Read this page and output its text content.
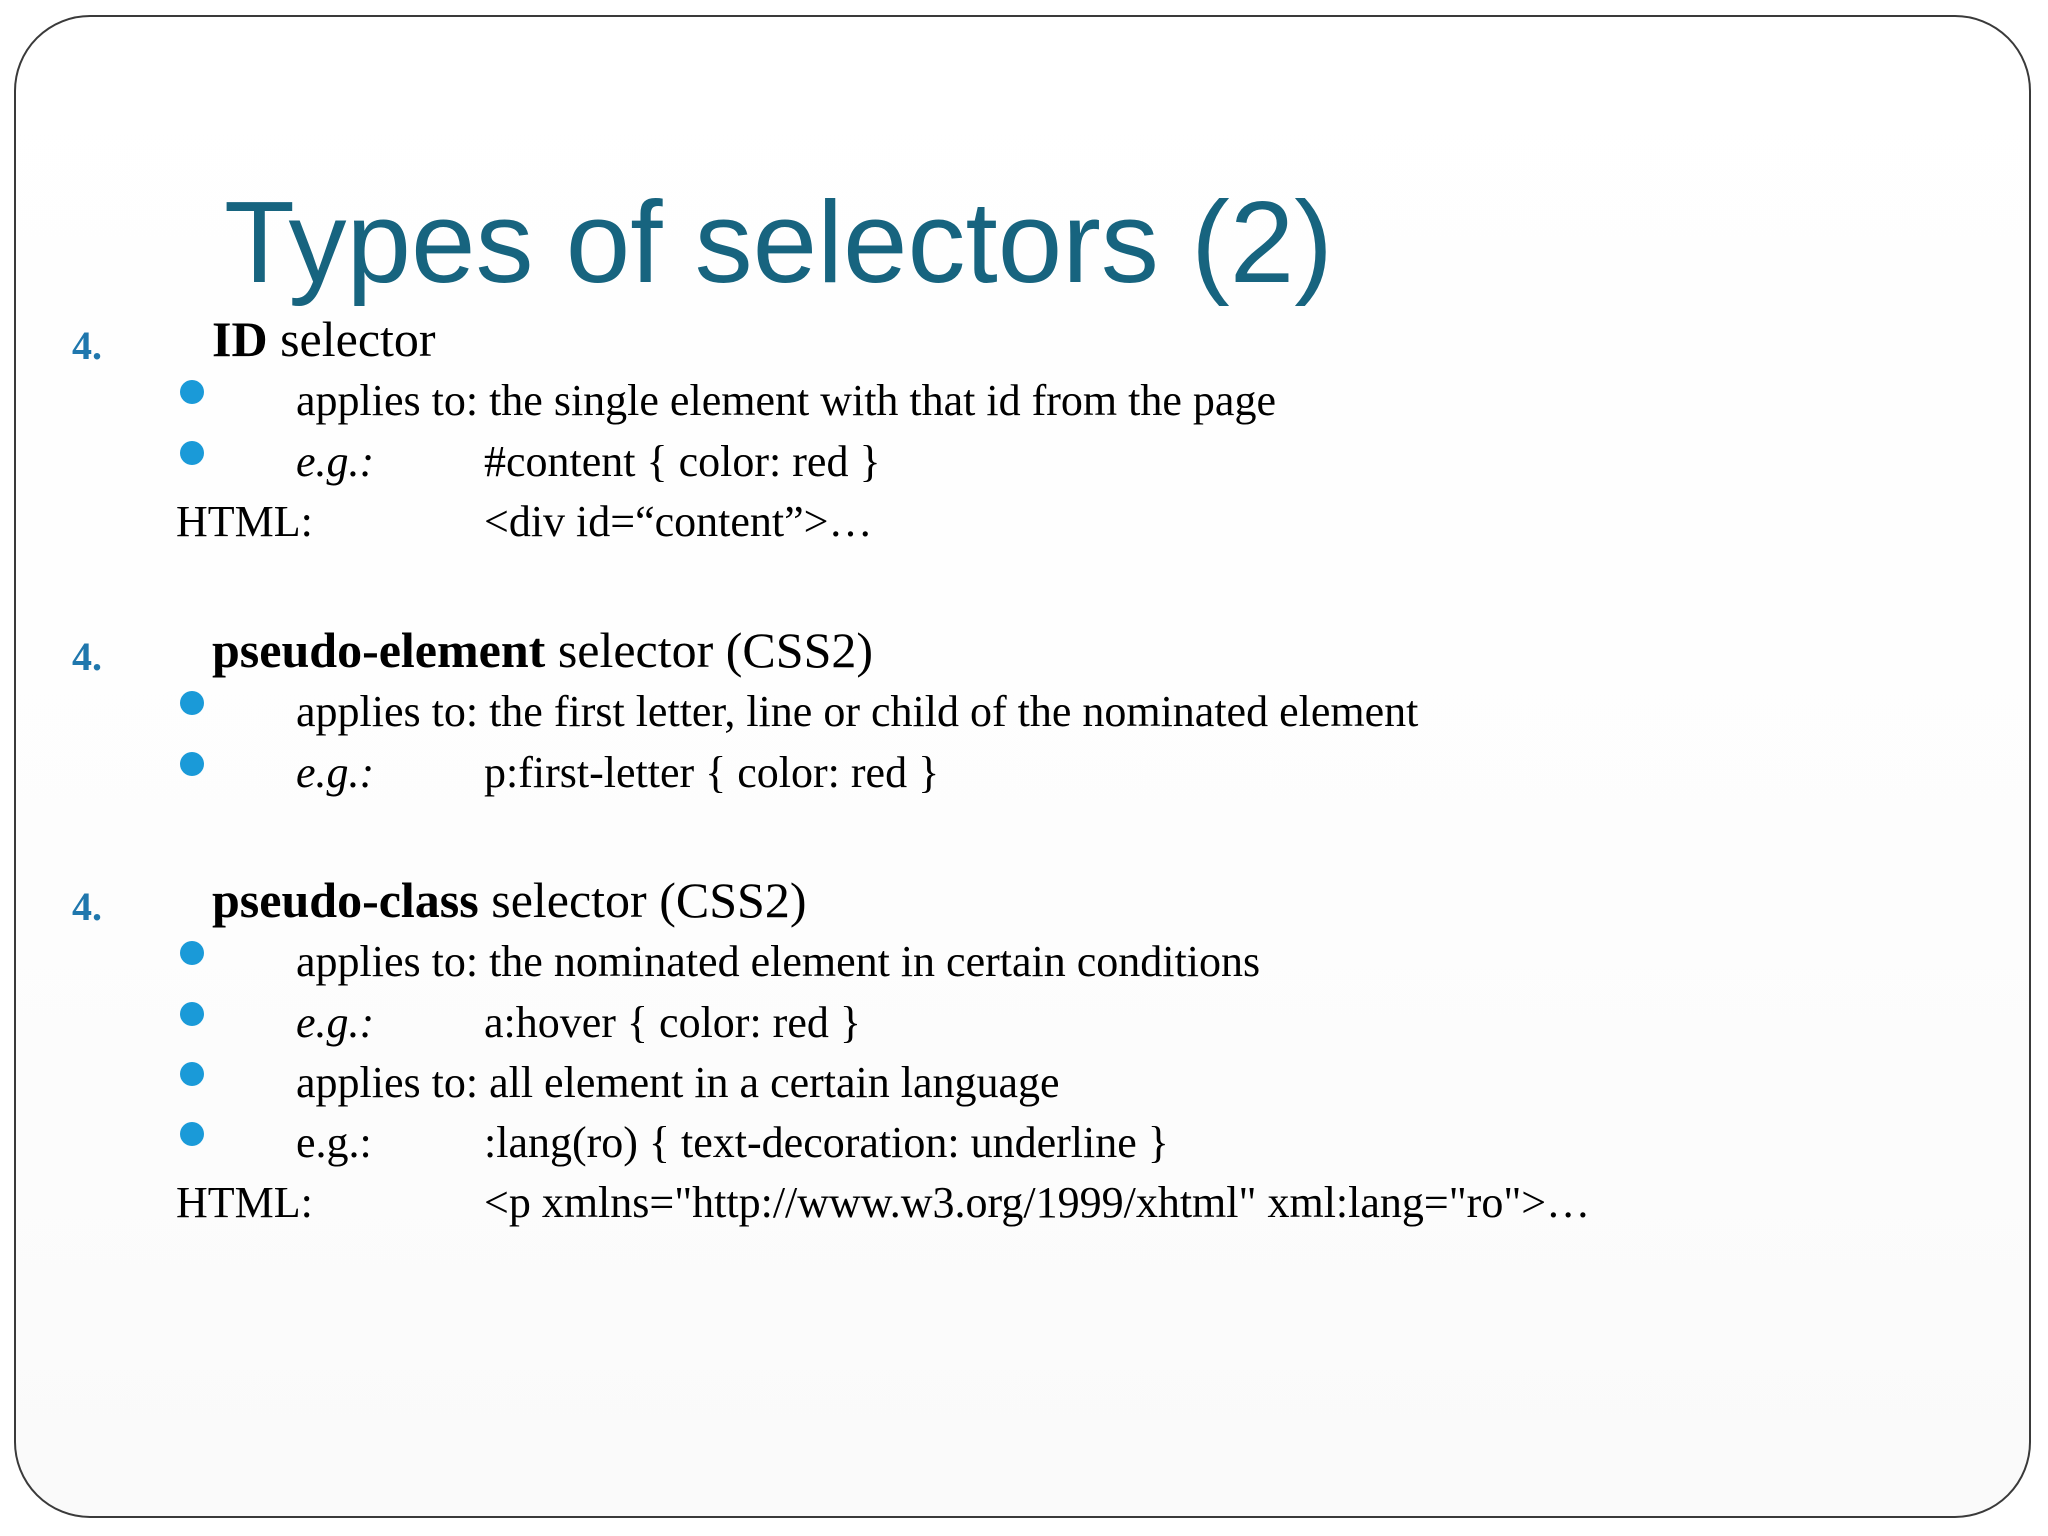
Types of selectors (2)
4. ID selector
applies to: the single element with that id from the page
e.g.: #content { color: red }
HTML:	<div id=“content”>…
4. pseudo-element selector (CSS2)
applies to: the first letter, line or child of the nominated element
e.g.: p:first-letter { color: red }
4. pseudo-class selector (CSS2)
applies to: the nominated element in certain conditions
e.g.: a:hover { color: red }
applies to: all element in a certain language
e.g.:	:lang(ro) { text-decoration: underline }
HTML:	<p xmlns="http://www.w3.org/1999/xhtml" xml:lang="ro">…
